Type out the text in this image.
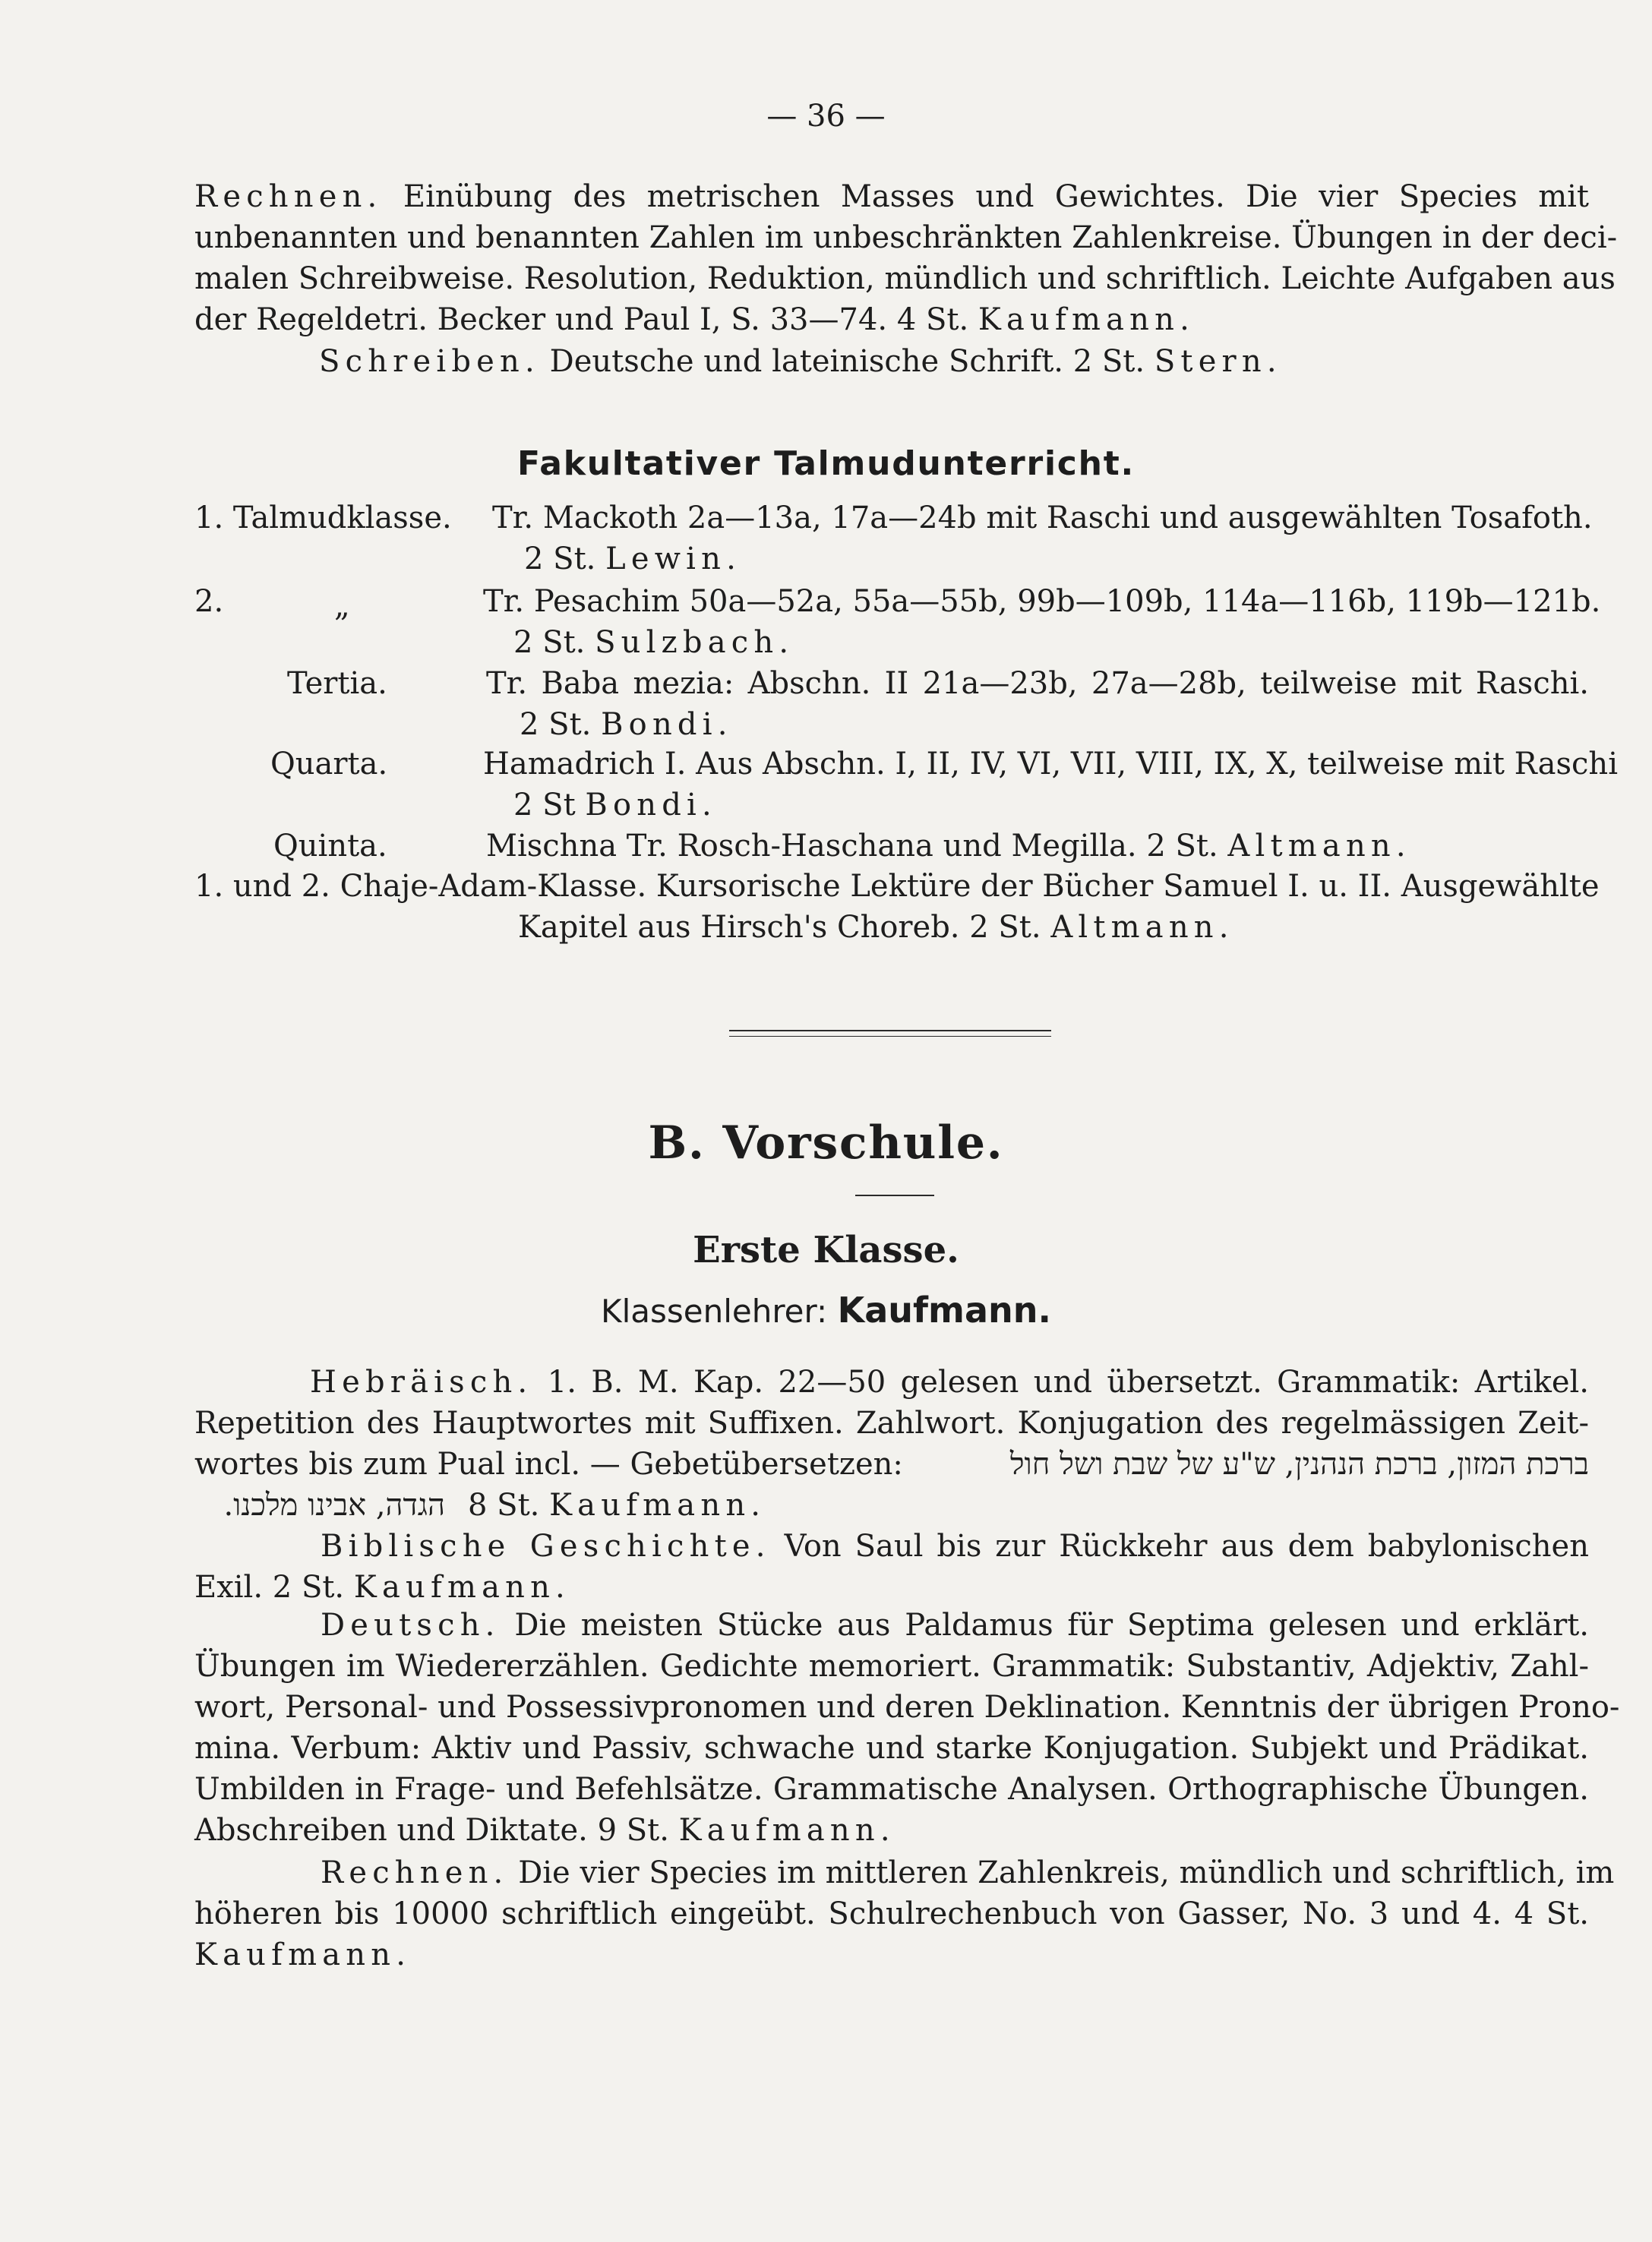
— 36 —
Rechnen. Einübung des metrischen Masses und Gewichtes. Die vier Species mit
unbenannten und benannten Zahlen im unbeschränkten Zahlenkreise. Übungen in der deci-
malen Schreibweise. Resolution, Reduktion, mündlich und schriftlich. Leichte Aufgaben aus
der Regeldetri. Becker und Paul I, S. 33—74. 4 St. Kaufmann.
Schreiben. Deutsche und lateinische Schrift. 2 St. Stern.
Fakultativer Talmudunterricht.
1. Talmudklasse. Tr. Mackoth 2a—13a, 17a—24b mit Raschi und ausgewählten Tosafoth.
2 St. Lewin.
2.	„	Tr. Pesachim 50a—52a, 55a—55b, 99b—109b, 114a—116b, 119b—121b.
2 St. Sulzbach.
Tertia.	Tr. Baba mezia: Abschn. II 21a—23b, 27a—28b, teilweise mit Raschi.
2 St. Bondi.
Quarta.	Hamadrich I. Aus Abschn. I, II, IV, VI, VII, VIII, IX, X, teilweise mit Raschi
2 St Bondi.
Quinta.	Mischna Tr. Rosch-Haschana und Megilla. 2 St. Altmann.
1. und 2. Chaje-Adam-Klasse. Kursorische Lektüre der Bücher Samuel I. u. II. Ausgewählte
Kapitel aus Hirsch's Choreb. 2 St. Altmann.
B. Vorschule.
Erste Klasse.
Klassenlehrer: Kaufmann.
Hebräisch. 1. B. M. Kap. 22—50 gelesen und übersetzt. Grammatik: Artikel.
Repetition des Hauptwortes mit Suffixen. Zahlwort. Konjugation des regelmässigen Zeit-
wortes bis zum Pual incl. — Gebetübersetzen:	ברכת המזון, ברכת הנהנין, ש"ע של שבת ושל חול
הגדה, אבינו מלכנו. 8 St. Kaufmann.
Biblische Geschichte. Von Saul bis zur Rückkehr aus dem babylonischen
Exil. 2 St. Kaufmann.
Deutsch. Die meisten Stücke aus Paldamus für Septima gelesen und erklärt.
Übungen im Wiedererzählen. Gedichte memoriert. Grammatik: Substantiv, Adjektiv, Zahl-
wort, Personal- und Possessivpronomen und deren Deklination. Kenntnis der übrigen Prono-
mina. Verbum: Aktiv und Passiv, schwache und starke Konjugation. Subjekt und Prädikat.
Umbilden in Frage- und Befehlsätze. Grammatische Analysen. Orthographische Übungen.
Abschreiben und Diktate. 9 St. Kaufmann.
Rechnen. Die vier Species im mittleren Zahlenkreis, mündlich und schriftlich, im
höheren bis 10000 schriftlich eingeübt. Schulrechenbuch von Gasser, No. 3 und 4. 4 St.
Kaufmann.
